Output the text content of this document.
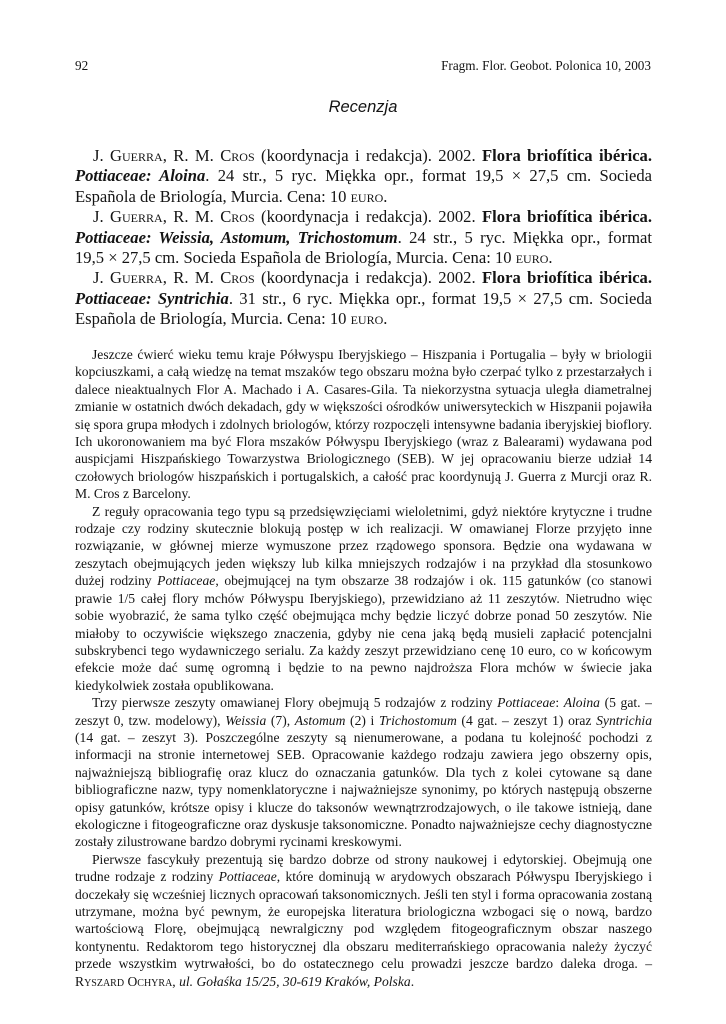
92	Fragm. Flor. Geobot. Polonica 10, 2003
Recenzja

J. Guerra, R. M. Cros (koordynacja i redakcja). 2002. Flora briofítica ibérica. Pottiaceae: Aloina. 24 str., 5 ryc. Miękka opr., format 19,5 × 27,5 cm. Socieda Española de Briología, Murcia. Cena: 10 euro.

J. Guerra, R. M. Cros (koordynacja i redakcja). 2002. Flora briofítica ibérica. Pottiaceae: Weissia, Astomum, Trichostomum. 24 str., 5 ryc. Miękka opr., format 19,5 × 27,5 cm. Socieda Española de Briología, Murcia. Cena: 10 euro.

J. Guerra, R. M. Cros (koordynacja i redakcja). 2002. Flora briofítica ibérica. Pottiaceae: Syntrichia. 31 str., 6 ryc. Miękka opr., format 19,5 × 27,5 cm. Socieda Española de Briología, Murcia. Cena: 10 euro.

Jeszcze ćwierć wieku temu kraje Półwyspu Iberyjskiego – Hiszpania i Portugalia – były w briologii kopciuszkami, a całą wiedzę na temat mszaków tego obszaru można było czerpać tylko z przestarzałych i dalece nieaktualnych Flor A. Machado i A. Casares-Gila. Ta niekorzystna sytuacja uległa diametralnej zmianie w ostatnich dwóch dekadach, gdy w większości ośrodków uniwersyteckich w Hiszpanii pojawiła się spora grupa młodych i zdolnych briologów, którzy rozpoczęli intensywne badania iberyjskiej bioflory. Ich ukoronowaniem ma być Flora mszaków Półwyspu Iberyjskiego (wraz z Balearami) wydawana pod auspicjami Hiszpańskiego Towarzystwa Briologicznego (SEB). W jej opracowaniu bierze udział 14 czołowych briologów hiszpańskich i portugalskich, a całość prac koordynują J. Guerra z Murcji oraz R. M. Cros z Barcelony.

Z reguły opracowania tego typu są przedsięwzięciami wieloletnimi, gdyż niektóre krytyczne i trudne rodzaje czy rodziny skutecznie blokują postęp w ich realizacji. W omawianej Florze przyjęto inne rozwiązanie, w głównej mierze wymuszone przez rządowego sponsora. Będzie ona wydawana w zeszytach obejmujących jeden większy lub kilka mniejszych rodzajów i na przykład dla stosunkowo dużej rodziny Pottiaceae, obejmującej na tym obszarze 38 rodzajów i ok. 115 gatunków (co stanowi prawie 1/5 całej flory mchów Półwyspu Iberyjskiego), przewidziano aż 11 zeszytów. Nietrudno więc sobie wyobrazić, że sama tylko część obejmująca mchy będzie liczyć dobrze ponad 50 zeszytów. Nie miałoby to oczywiście większego znaczenia, gdyby nie cena jaką będą musieli zapłacić potencjalni subskrybenci tego wydawniczego serialu. Za każdy zeszyt przewidziano cenę 10 euro, co w końcowym efekcie może dać sumę ogromną i będzie to na pewno najdroższa Flora mchów w świecie jaka kiedykolwiek została opublikowana.

Trzy pierwsze zeszyty omawianej Flory obejmują 5 rodzajów z rodziny Pottiaceae: Aloina (5 gat. – zeszyt 0, tzw. modelowy), Weissia (7), Astomum (2) i Trichostomum (4 gat. – zeszyt 1) oraz Syntrichia (14 gat. – zeszyt 3). Poszczególne zeszyty są nienumerowane, a podana tu kolejność pochodzi z informacji na stronie internetowej SEB. Opracowanie każdego rodzaju zawiera jego obszerny opis, najważniejszą bibliografię oraz klucz do oznaczania gatunków. Dla tych z kolei cytowane są dane bibliograficzne nazw, typy nomenklatoryczne i najważniejsze synonimy, po których następują obszerne opisy gatunków, krótsze opisy i klucze do taksonów wewnątrzrodzajowych, o ile takowe istnieją, dane ekologiczne i fitogeograficzne oraz dyskusje taksonomiczne. Ponadto najważniejsze cechy diagnostyczne zostały zilustrowane bardzo dobrymi rycinami kreskowymi.

Pierwsze fascykuły prezentują się bardzo dobrze od strony naukowej i edytorskiej. Obejmują one trudne rodzaje z rodziny Pottiaceae, które dominują w arydowych obszarach Półwyspu Iberyjskiego i doczekały się wcześniej licznych opracowań taksonomicznych. Jeśli ten styl i forma opracowania zostaną utrzymane, można być pewnym, że europejska literatura briologiczna wzbogaci się o nową, bardzo wartościową Florę, obejmującą newralgiczny pod względem fitogeograficznym obszar naszego kontynentu. Redaktorom tego historycznej dla obszaru mediterrańskiego opracowania należy życzyć przede wszystkim wytrwałości, bo do ostatecznego celu prowadzi jeszcze bardzo daleka droga. – Ryszard Ochyra, ul. Gołaśka 15/25, 30-619 Kraków, Polska.
